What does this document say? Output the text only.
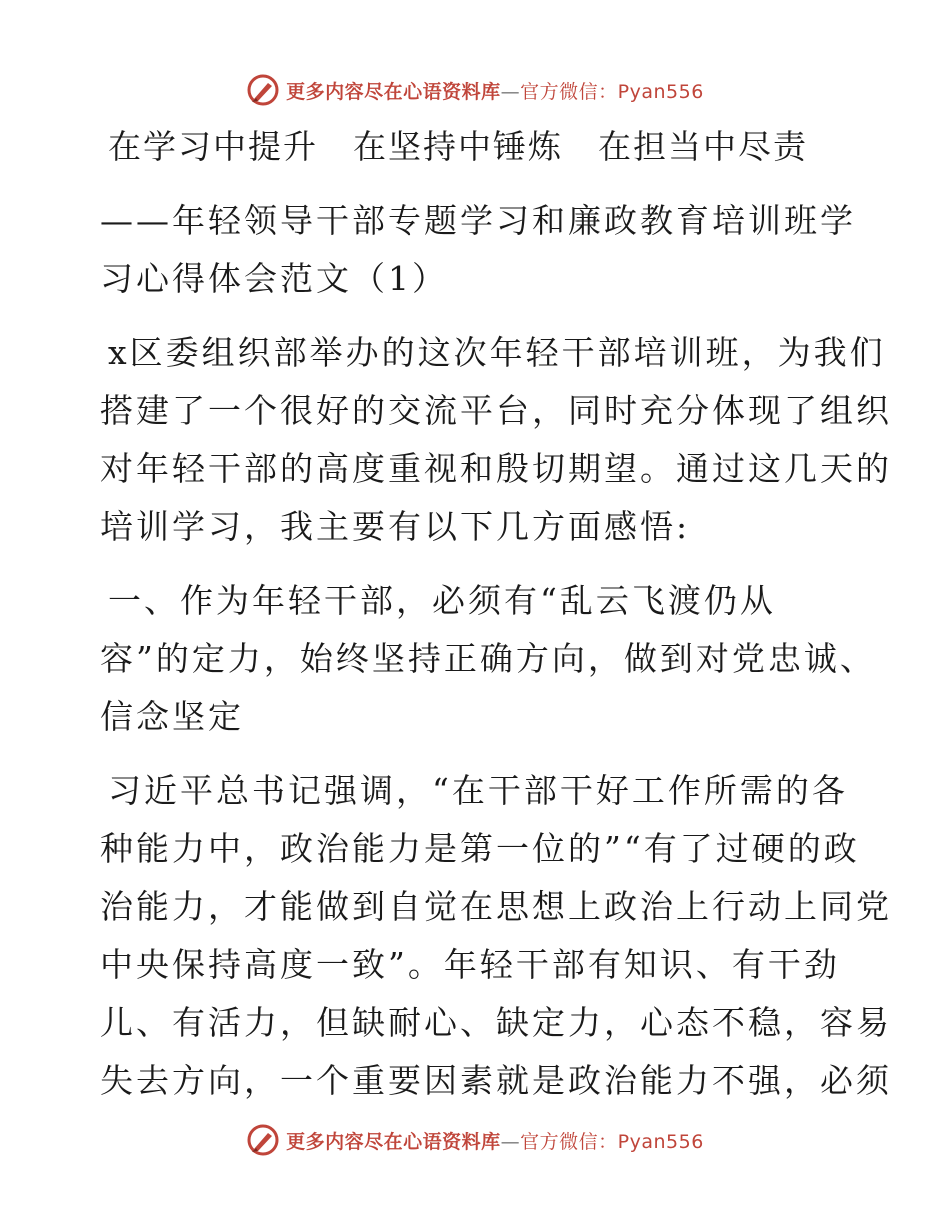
更多内容尽在心语资料库—官方微信：Pyan556
在学习中提升　在坚持中锤炼　在担当中尽责
——年轻领导干部专题学习和廉政教育培训班学
习心得体会范文（1）
x区委组织部举办的这次年轻干部培训班，为我们
搭建了一个很好的交流平台，同时充分体现了组织
对年轻干部的高度重视和殷切期望。通过这几天的
培训学习，我主要有以下几方面感悟:
一、作为年轻干部，必须有“乱云飞渡仍从
容”的定力，始终坚持正确方向，做到对党忠诚、
信念坚定
习近平总书记强调，“在干部干好工作所需的各
种能力中，政治能力是第一位的”“有了过硬的政
治能力，才能做到自觉在思想上政治上行动上同党
中央保持高度一致”。年轻干部有知识、有干劲
儿、有活力，但缺耐心、缺定力，心态不稳，容易
失去方向，一个重要因素就是政治能力不强，必须
更多内容尽在心语资料库—官方微信：Pyan556
